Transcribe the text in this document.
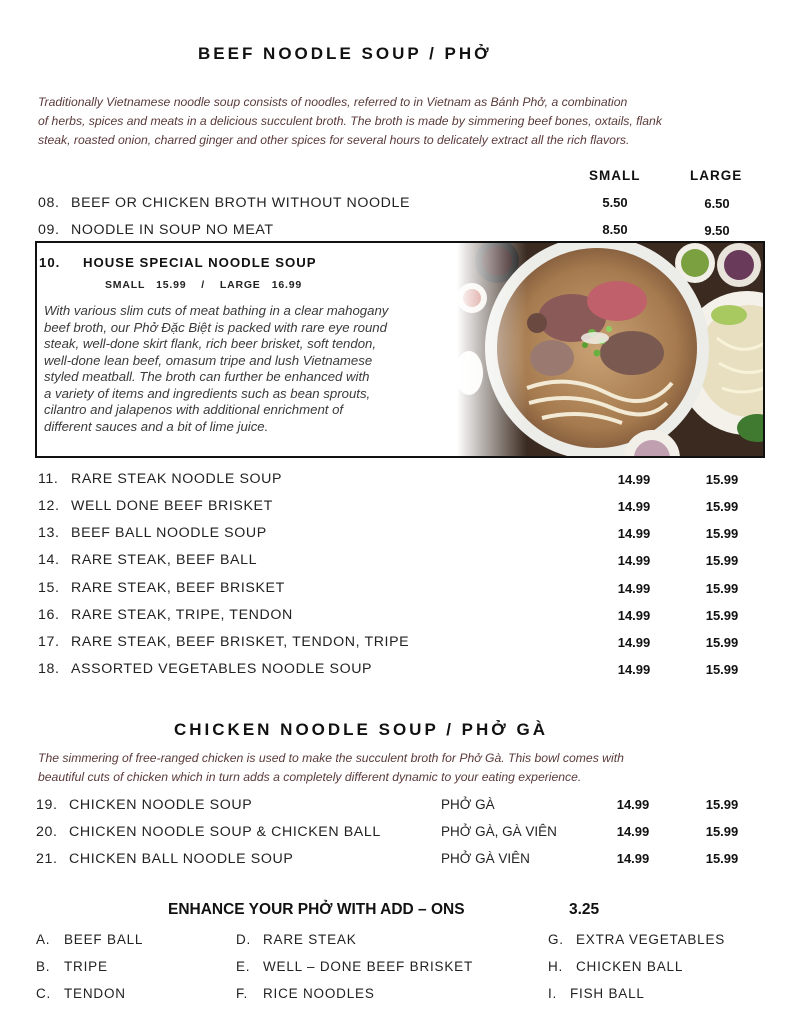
BEEF NOODLE SOUP / PHỞ
Traditionally Vietnamese noodle soup consists of noodles, referred to in Vietnam as Bánh Phở, a combination
of herbs, spices and meats in a delicious succulent broth. The broth is made by simmering beef bones, oxtails, flank
steak, roasted onion, charred ginger and other spices for several hours to delicately extract all the rich flavors.
SMALL	LARGE
08. BEEF OR CHICKEN BROTH WITHOUT NOODLE	5.50	6.50
09. NOODLE IN SOUP NO MEAT	8.50	9.50
10. HOUSE SPECIAL NOODLE SOUP
SMALL   15.99    /    LARGE   16.99
With various slim cuts of meat bathing in a clear mahogany
beef broth, our Phở Đặc Biệt is packed with rare eye round
steak, well-done skirt flank, rich beer brisket, soft tendon,
well-done lean beef, omasum tripe and lush Vietnamese
styled meatball. The broth can further be enhanced with
a variety of items and ingredients such as bean sprouts,
cilantro and jalapenos with additional enrichment of
different sauces and a bit of lime juice.
11. RARE STEAK NOODLE SOUP	14.99	15.99
12. WELL DONE BEEF BRISKET	14.99	15.99
13. BEEF BALL NOODLE SOUP	14.99	15.99
14. RARE STEAK, BEEF BALL	14.99	15.99
15. RARE STEAK, BEEF BRISKET	14.99	15.99
16. RARE STEAK, TRIPE, TENDON	14.99	15.99
17. RARE STEAK, BEEF BRISKET, TENDON, TRIPE	14.99	15.99
18. ASSORTED VEGETABLES NOODLE SOUP	14.99	15.99
CHICKEN NOODLE SOUP / PHỞ GÀ
The simmering of free-ranged chicken is used to make the succulent broth for Phở Gà. This bowl comes with
beautiful cuts of chicken which in turn adds a completely different dynamic to your eating experience.
19. CHICKEN NOODLE SOUP	PHỞ GÀ	14.99	15.99
20. CHICKEN NOODLE SOUP & CHICKEN BALL	PHỞ GÀ, GÀ VIÊN	14.99	15.99
21. CHICKEN BALL NOODLE SOUP	PHỞ GÀ VIÊN	14.99	15.99
ENHANCE YOUR PHỞ WITH ADD – ONS	3.25
A. BEEF BALL
B. TRIPE
C. TENDON
D. RARE STEAK
E. WELL – DONE BEEF BRISKET
F. RICE NOODLES
G. EXTRA VEGETABLES
H. CHICKEN BALL
I. FISH BALL
